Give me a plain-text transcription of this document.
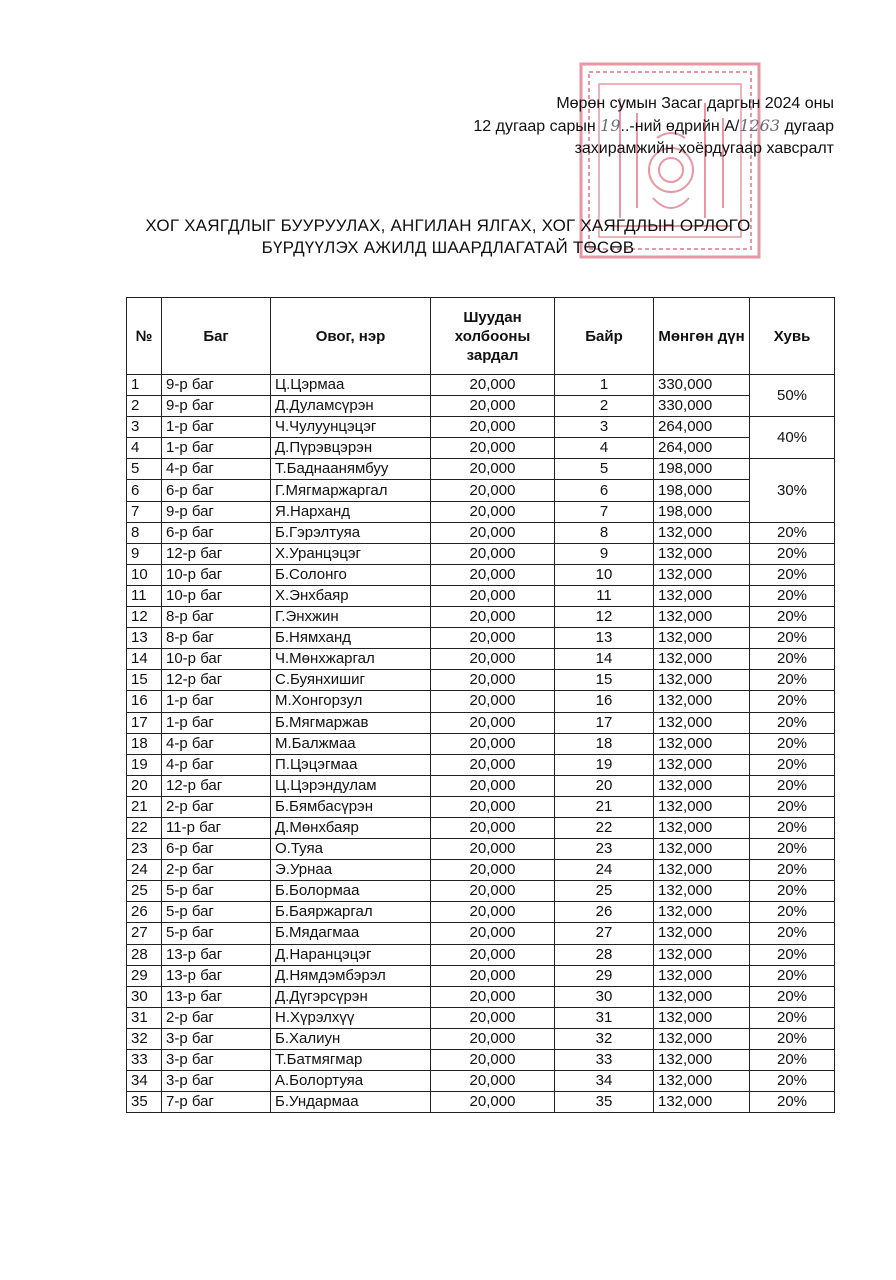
Мөрөн сумын Засаг даргын 2024 оны
12 дугаар сарын 19..-ний өдрийн А/1263 дугаар
захирамжийн хоёрдугаар хавсралт
ХОГ ХАЯГДЛЫГ БУУРУУЛАХ, АНГИЛАН ЯЛГАХ, ХОГ ХАЯГДЛЫН ОРЛОГО
БҮРДҮҮЛЭХ АЖИЛД ШААРДЛАГАТАЙ ТӨСӨВ
№	Баг	Овог, нэр	Шуудан холбооны зардал	Байр	Мөнгөн дүн	Хувь
1	9-р баг	Ц.Цэрмаа	20,000	1	330,000	50%
2	9-р баг	Д.Дуламсүрэн	20,000	2	330,000	
3	1-р баг	Ч.Чулуунцэцэг	20,000	3	264,000	40%
4	1-р баг	Д.Пүрэвцэрэн	20,000	4	264,000	
5	4-р баг	Т.Баднаанямбуу	20,000	5	198,000	30%
6	6-р баг	Г.Мягмаржаргал	20,000	6	198,000	
7	9-р баг	Я.Нарханд	20,000	7	198,000	
8	6-р баг	Б.Гэрэлтуяа	20,000	8	132,000	20%
9	12-р баг	Х.Уранцэцэг	20,000	9	132,000	20%
10	10-р баг	Б.Солонго	20,000	10	132,000	20%
11	10-р баг	Х.Энхбаяр	20,000	11	132,000	20%
12	8-р баг	Г.Энхжин	20,000	12	132,000	20%
13	8-р баг	Б.Нямханд	20,000	13	132,000	20%
14	10-р баг	Ч.Мөнхжаргал	20,000	14	132,000	20%
15	12-р баг	С.Буянхишиг	20,000	15	132,000	20%
16	1-р баг	М.Хонгорзул	20,000	16	132,000	20%
17	1-р баг	Б.Мягмаржав	20,000	17	132,000	20%
18	4-р баг	М.Балжмаа	20,000	18	132,000	20%
19	4-р баг	П.Цэцэгмаа	20,000	19	132,000	20%
20	12-р баг	Ц.Цэрэндулам	20,000	20	132,000	20%
21	2-р баг	Б.Бямбасүрэн	20,000	21	132,000	20%
22	11-р баг	Д.Мөнхбаяр	20,000	22	132,000	20%
23	6-р баг	О.Туяа	20,000	23	132,000	20%
24	2-р баг	Э.Урнаа	20,000	24	132,000	20%
25	5-р баг	Б.Болормаа	20,000	25	132,000	20%
26	5-р баг	Б.Баяржаргал	20,000	26	132,000	20%
27	5-р баг	Б.Мядагмаа	20,000	27	132,000	20%
28	13-р баг	Д.Наранцэцэг	20,000	28	132,000	20%
29	13-р баг	Д.Нямдэмбэрэл	20,000	29	132,000	20%
30	13-р баг	Д.Дүгэрсүрэн	20,000	30	132,000	20%
31	2-р баг	Н.Хүрэлхүү	20,000	31	132,000	20%
32	3-р баг	Б.Халиун	20,000	32	132,000	20%
33	3-р баг	Т.Батмягмар	20,000	33	132,000	20%
34	3-р баг	А.Болортуяа	20,000	34	132,000	20%
35	7-р баг	Б.Ундармаа	20,000	35	132,000	20%
